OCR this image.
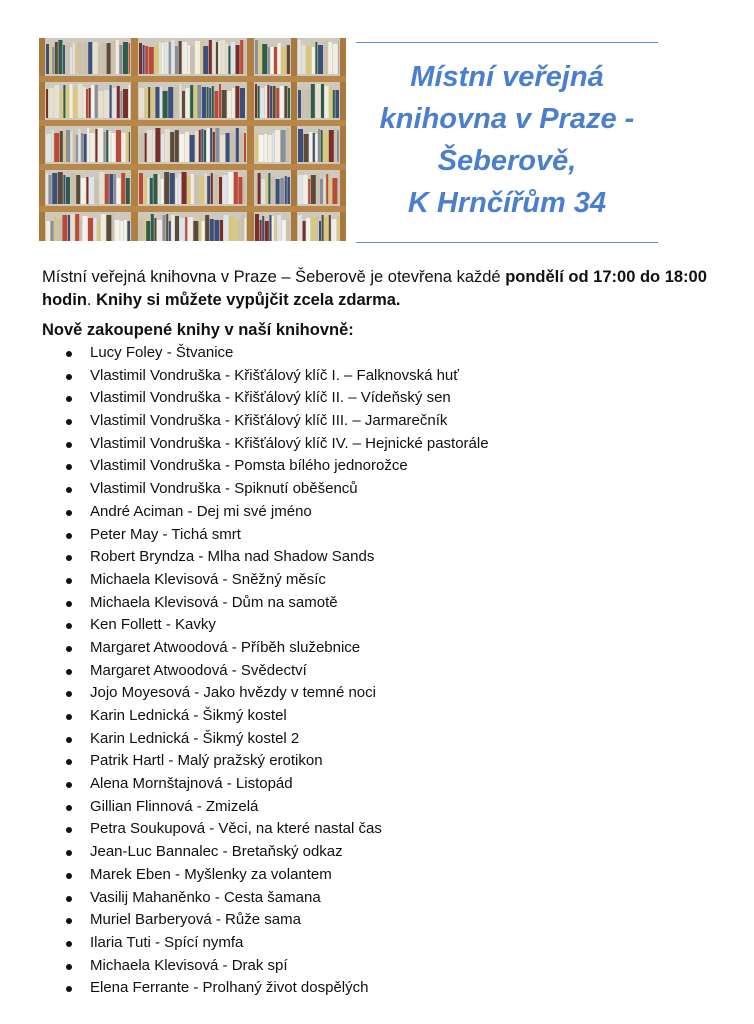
Místní veřejná
knihovna v Praze -
Šeberově,
K Hrnčířům 34

Místní veřejná knihovna v Praze – Šeberově je otevřena každé pondělí od 17:00 do 18:00 hodin. Knihy si můžete vypůjčit zcela zdarma.

Nově zakoupené knihy v naší knihovně:

Lucy Foley - Štvanice
Vlastimil Vondruška - Křišťálový klíč I. – Falknovská huť
Vlastimil Vondruška - Křišťálový klíč II. – Vídeňský sen
Vlastimil Vondruška - Křišťálový klíč III. – Jarmarečník
Vlastimil Vondruška - Křišťálový klíč IV. – Hejnické pastorále
Vlastimil Vondruška - Pomsta bílého jednorožce
Vlastimil Vondruška - Spiknutí oběšenců
André Aciman - Dej mi své jméno
Peter May - Tichá smrt
Robert Bryndza - Mlha nad Shadow Sands
Michaela Klevisová - Sněžný měsíc
Michaela Klevisová - Dům na samotě
Ken Follett - Kavky
Margaret Atwoodová - Příběh služebnice
Margaret Atwoodová - Svědectví
Jojo Moyesová - Jako hvězdy v temné noci
Karin Lednická - Šikmý kostel
Karin Lednická - Šikmý kostel 2
Patrik Hartl - Malý pražský erotikon
Alena Mornštajnová - Listopád
Gillian Flinnová - Zmizelá
Petra Soukupová - Věci, na které nastal čas
Jean-Luc Bannalec - Bretaňský odkaz
Marek Eben - Myšlenky za volantem
Vasilij Mahaněnko - Cesta šamana
Muriel Barberyová - Růže sama
Ilaria Tuti - Spící nymfa
Michaela Klevisová - Drak spí
Elena Ferrante - Prolhaný život dospělých
